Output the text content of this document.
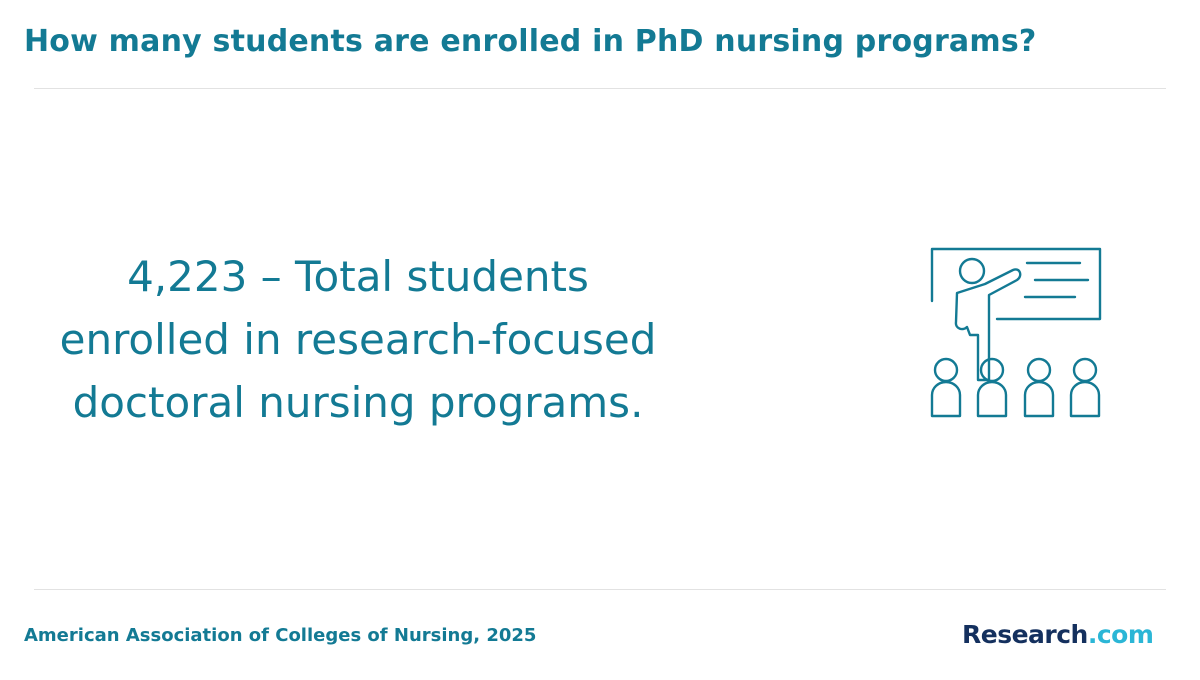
How many students are enrolled in PhD nursing programs?
4,223 – Total students enrolled in research-focused doctoral nursing programs.
American Association of Colleges of Nursing, 2025	Research.com
